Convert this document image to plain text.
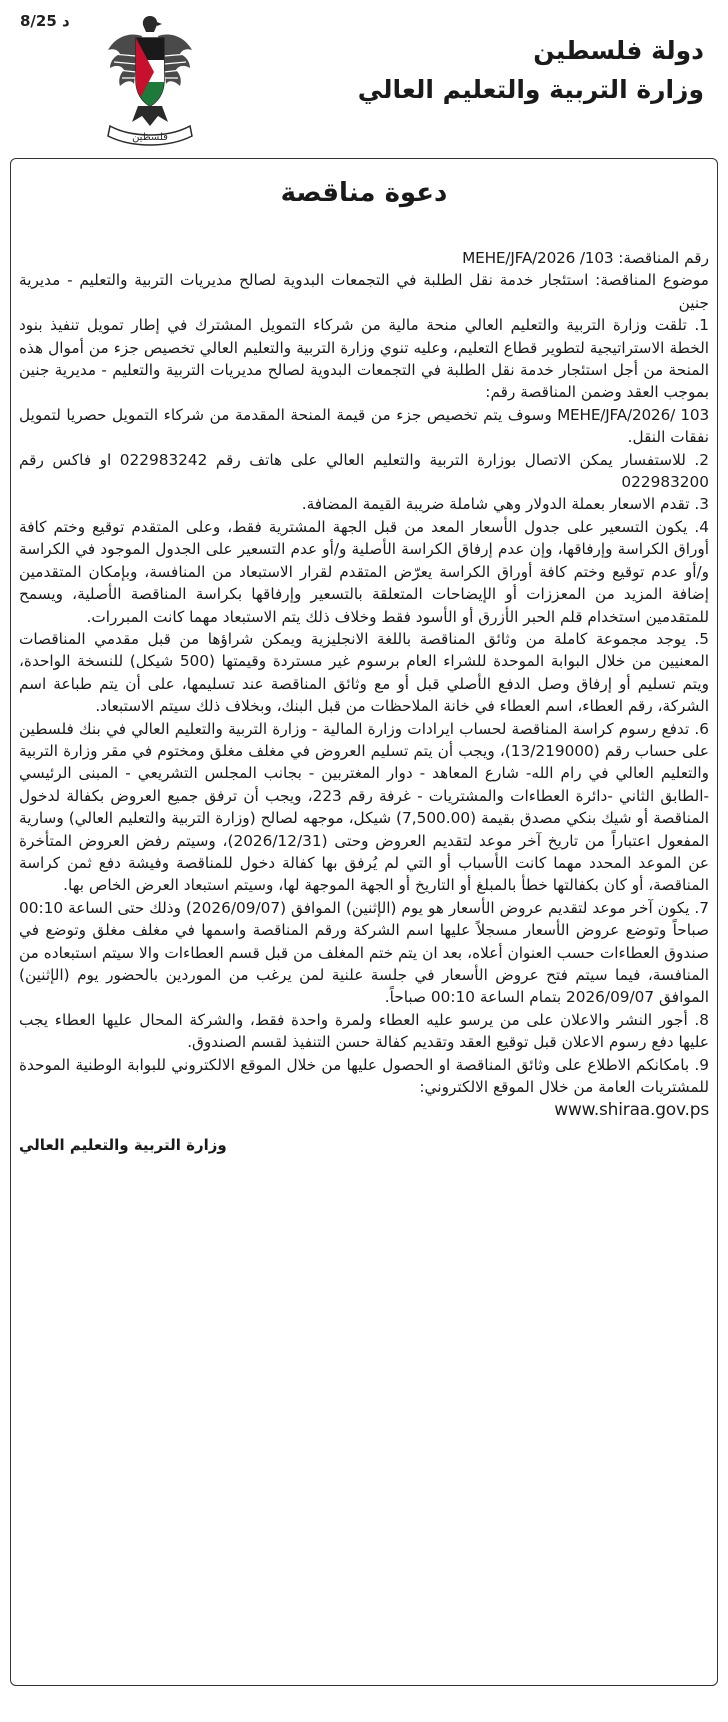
8/25 د
فلسطين
دولة فلسطين
وزارة التربية والتعليم العالي
دعوة مناقصة

رقم المناقصة: MEHE/JFA/2026 /103

موضوع المناقصة: استئجار خدمة نقل الطلبة في التجمعات البدوية لصالح مديريات التربية والتعليم - مديرية جنين

1. تلقت وزارة التربية والتعليم العالي منحة مالية من شركاء التمويل المشترك في إطار تمويل تنفيذ بنود الخطة الاستراتيجية لتطوير قطاع التعليم، وعليه تنوي وزارة التربية والتعليم العالي تخصيص جزء من أموال هذه المنحة من أجل استئجار خدمة نقل الطلبة في التجمعات البدوية لصالح مديريات التربية والتعليم - مديرية جنين بموجب العقد وضمن المناقصة رقم:

MEHE/JFA/2026/ 103 وسوف يتم تخصيص جزء من قيمة المنحة المقدمة من شركاء التمويل حصريا لتمويل نفقات النقل.

2. للاستفسار يمكن الاتصال بوزارة التربية والتعليم العالي على هاتف رقم 022983242 او فاكس رقم 022983200

3. تقدم الاسعار بعملة الدولار وهي شاملة ضريبة القيمة المضافة.

4. يكون التسعير على جدول الأسعار المعد من قبل الجهة المشترية فقط، وعلى المتقدم توقيع وختم كافة أوراق الكراسة وإرفاقها، وإن عدم إرفاق الكراسة الأصلية و/أو عدم التسعير على الجدول الموجود في الكراسة و/أو عدم توقيع وختم كافة أوراق الكراسة يعرّض المتقدم لقرار الاستبعاد من المنافسة، وبإمكان المتقدمين إضافة المزيد من المعززات أو الإيضاحات المتعلقة بالتسعير وإرفاقها بكراسة المناقصة الأصلية، ويسمح للمتقدمين استخدام قلم الحبر الأزرق أو الأسود فقط وخلاف ذلك يتم الاستبعاد مهما كانت المبررات.

5. يوجد مجموعة كاملة من وثائق المناقصة باللغة الانجليزية ويمكن شراؤها من قبل مقدمي المناقصات المعنيين من خلال البوابة الموحدة للشراء العام برسوم غير مستردة وقيمتها (500 شيكل) للنسخة الواحدة، ويتم تسليم أو إرفاق وصل الدفع الأصلي قبل أو مع وثائق المناقصة عند تسليمها، على أن يتم طباعة اسم الشركة، رقم العطاء، اسم العطاء في خانة الملاحظات من قبل البنك، وبخلاف ذلك سيتم الاستبعاد.

6. تدفع رسوم كراسة المناقصة لحساب ايرادات وزارة المالية - وزارة التربية والتعليم العالي في بنك فلسطين على حساب رقم (13/219000)، ويجب أن يتم تسليم العروض في مغلف مغلق ومختوم في مقر وزارة التربية والتعليم العالي في رام الله- شارع المعاهد - دوار المغتربين - بجانب المجلس التشريعي - المبنى الرئيسي -الطابق الثاني -دائرة العطاءات والمشتريات - غرفة رقم 223، ويجب أن ترفق جميع العروض بكفالة لدخول المناقصة أو شيك بنكي مصدق بقيمة (7,500.00) شيكل، موجهه لصالح (وزارة التربية والتعليم العالي) وسارية المفعول اعتباراً من تاريخ آخر موعد لتقديم العروض وحتى (2026/12/31)، وسيتم رفض العروض المتأخرة عن الموعد المحدد مهما كانت الأسباب أو التي لم يُرفق بها كفالة دخول للمناقصة وفيشة دفع ثمن كراسة المناقصة، أو كان بكفالتها خطأ بالمبلغ أو التاريخ أو الجهة الموجهة لها، وسيتم استبعاد العرض الخاص بها.

7. يكون آخر موعد لتقديم عروض الأسعار هو يوم (الإثنين) الموافق (2026/09/07) وذلك حتى الساعة 00:10 صباحاً وتوضع عروض الأسعار مسجلاً عليها اسم الشركة ورقم المناقصة واسمها في مغلف مغلق وتوضع في صندوق العطاءات حسب العنوان أعلاه، بعد ان يتم ختم المغلف من قبل قسم العطاءات والا سيتم استبعاده من المنافسة، فيما سيتم فتح عروض الأسعار في جلسة علنية لمن يرغب من الموردين بالحضور يوم (الإثنين) الموافق 2026/09/07 بتمام الساعة 00:10 صباحاً.

8. أجور النشر والاعلان على من يرسو عليه العطاء ولمرة واحدة فقط، والشركة المحال عليها العطاء يجب عليها دفع رسوم الاعلان قبل توقيع العقد وتقديم كفالة حسن التنفيذ لقسم الصندوق.

9. بامكانكم الاطلاع على وثائق المناقصة او الحصول عليها من خلال الموقع الالكتروني للبوابة الوطنية الموحدة للمشتريات العامة من خلال الموقع الالكتروني:

www.shiraa.gov.ps
وزارة التربية والتعليم العالي
